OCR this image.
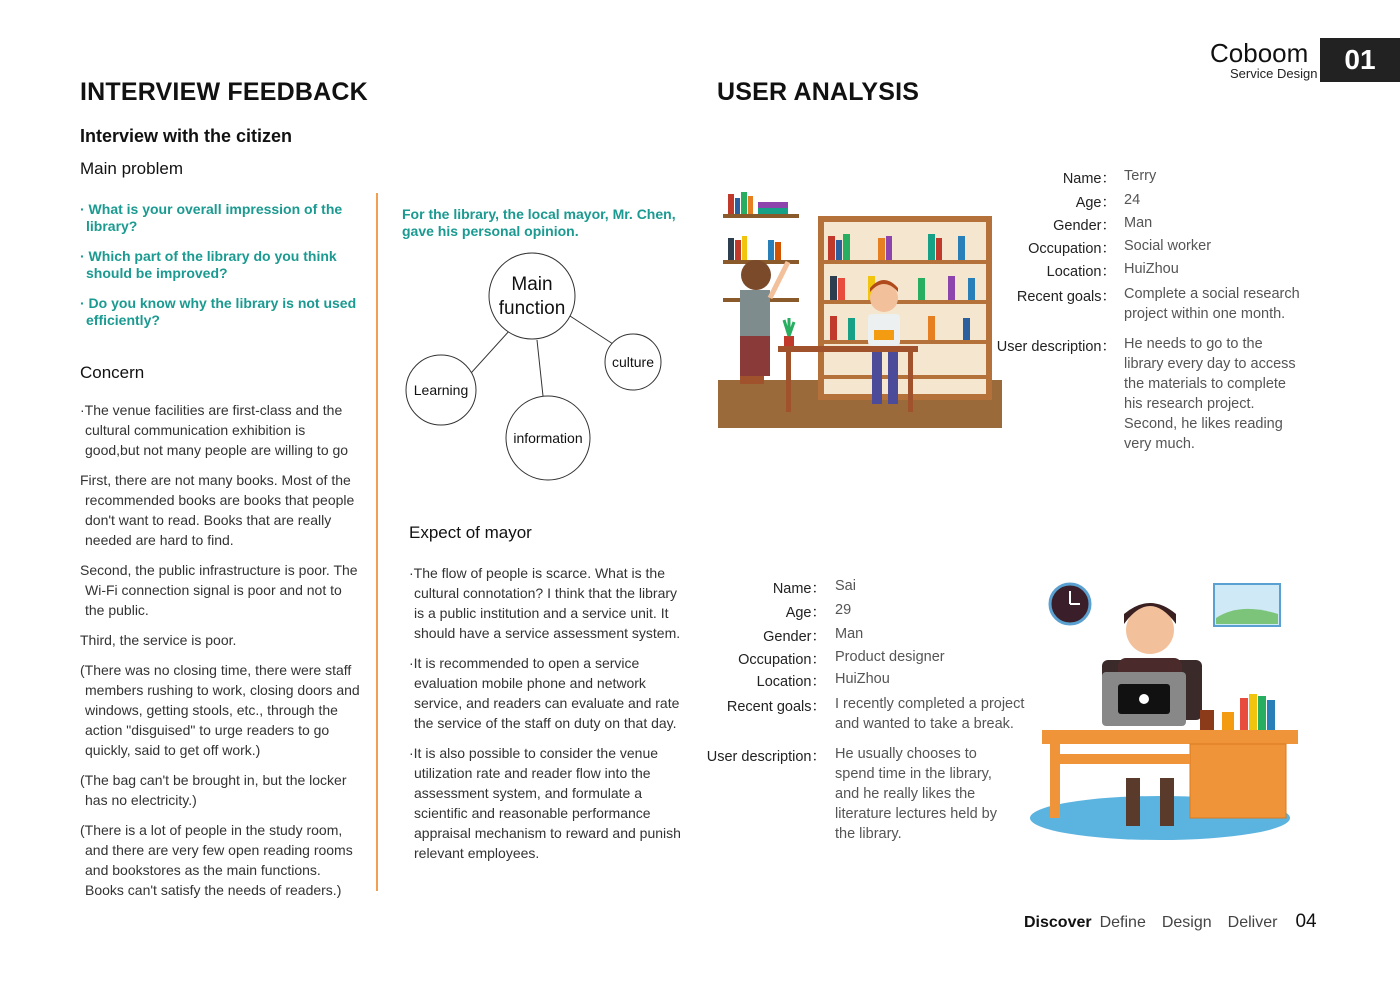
Coboom
Service Design 01
INTERVIEW FEEDBACK
Interview with the citizen
Main problem
· What is your overall impression of the library?
· Which part of the library do you think should be improved?
· Do you know why the library is not used efficiently?
Concern

·The venue facilities are first-class and the cultural communication exhibition is good,but not many people are willing to go

First, there are not many books. Most of the recommended books are books that people don't want to read. Books that are really needed are hard to find.

Second, the public infrastructure is poor. The Wi-Fi connection signal is poor and not to the public.

Third, the service is poor.

(There was no closing time, there were staff members rushing to work, closing doors and windows, getting stools, etc., through the action "disguised" to urge readers to go quickly, said to get off work.)

(The bag can't be brought in, but the locker has no electricity.)

(There is a lot of people in the study room, and there are very few open reading rooms and bookstores as the main functions. Books can't satisfy the needs of readers.)

For the library, the local mayor, Mr. Chen, gave his personal opinion.
Main
function
Learning
information
culture
Expect of mayor

·The flow of people is scarce. What is the cultural connotation? I think that the library is a public institution and a service unit. It should have a service assessment system.

·It is recommended to open a service evaluation mobile phone and network service, and readers can evaluate and rate the service of the staff on duty on that day.

·It is also possible to consider the venue utilization rate and reader flow into the assessment system, and formulate a scientific and reasonable performance appraisal mechanism to reward and punish relevant employees.

USER ANALYSIS
Name：
Age：
Gender：
Occupation：
Location：
Recent goals：
User description：
Terry
24
Man
Social worker
HuiZhou
Complete a social research project within one month.
He needs to go to the library every day to access the materials to complete his research project. Second, he likes reading very much.
Name：
Age：
Gender：
Occupation：
Location：
Recent goals：
User description：
Sai
29
Man
Product designer
HuiZhou
I recently completed a project and wanted to take a break.
He usually chooses to spend time in the library, and he really likes the literature lectures held by the library.
Discover Define Design Deliver 04
